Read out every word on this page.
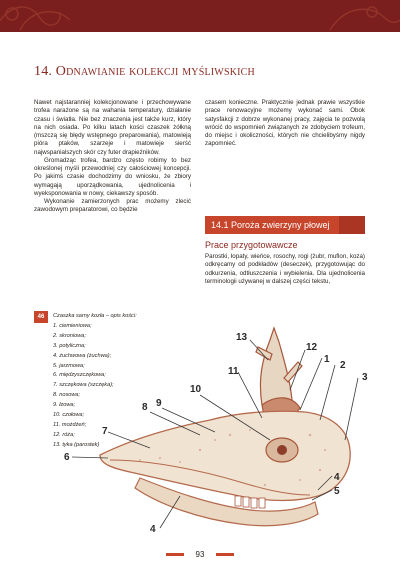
14. Odnawianie kolekcji myśliwskich

Nawet najstaranniej kolekcjonowane i przechowywane trofea narażone są na wahania temperatury, działanie czasu i światła. Nie bez znaczenia jest także kurz, który na nich osiada. Po kilku latach kości czaszek żółkną (mszczą się błędy wstępnego preparowania), matowieją pióra ptaków, szarzeje i matowieje sierść najwspanialszych skór czy futer drapieżników.

Gromadząc trofea, bardzo często robimy to bez określonej myśli przewodniej czy całościowej koncepcji. Po jakimś czasie dochodzimy do wniosku, że zbiory wymagają uporządkowania, ujednolicenia i wyeksponowania w nowy, ciekawszy sposób.

Wykonanie zamierzonych prac możemy zlecić zawodowym preparatorowi, co będzie

czasem konieczne. Praktycznie jednak prawie wszystkie prace renowacyjne możemy wykonać sami. Obok satysfakcji z dobrze wykonanej pracy, zajęcia te pozwolą wrócić do wspomnień związanych ze zdobyciem trofeum, do miejsc i okoliczności, których nie chcielibyśmy nigdy zapomnieć.

14.1 Poroża zwierzyny płowej
Prace przygotowawcze

Parostki, łopaty, wieńce, rosochy, rogi (żubr, muflon, koza) odkręcamy od podkładów (deseczek), przygotowując do odkurzenia, odtłuszczenia i wybielenia. Dla ujednolicenia terminologii używanej w dalszej części tekstu,

46	Czaszka sarny kozła – opis kości:
1. ciemieniowa;
2. skroniowa;
3. potyliczna;
4. żuchwowa (żuchwa);
5. jarzmowa;
6. międzyszczękowa;
7. szczękowa (szczęka);
8. nosowa;
9. łzowa;
10. czołowa;
11. możdżeń;
12. róża;
13. tyka (parostek)
13
12
1
2
3
11
10
8 9
7
6
4
5
4
93
